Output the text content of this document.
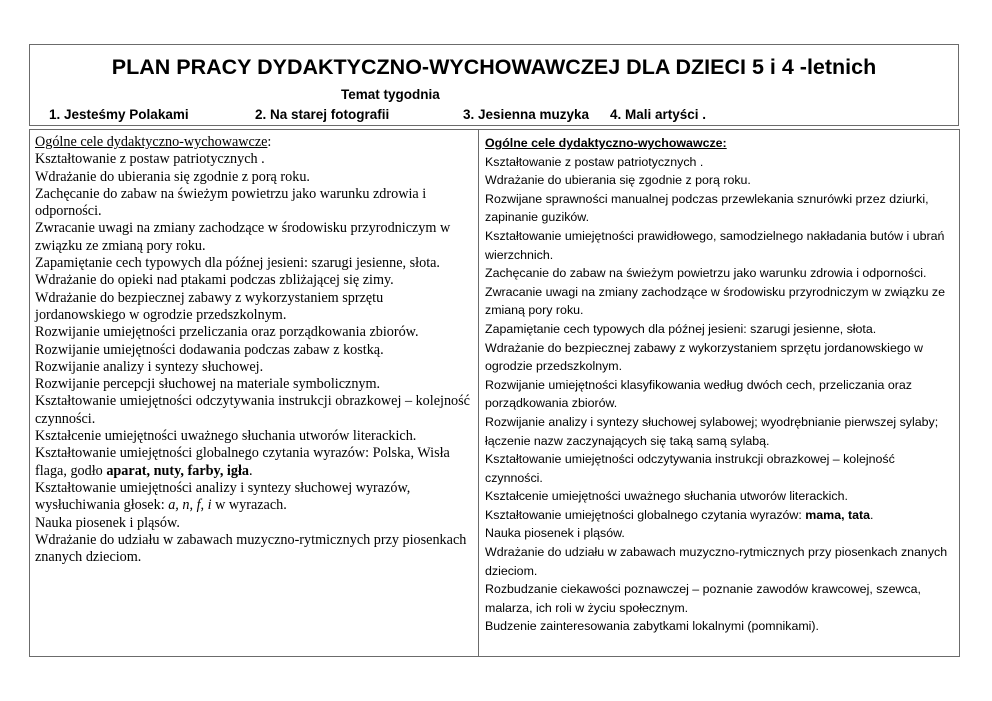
PLAN PRACY DYDAKTYCZNO-WYCHOWAWCZEJ DLA DZIECI 5 i 4 -letnich
Temat tygodnia
1. Jesteśmy Polakami	2. Na starej fotografii	3. Jesienna muzyka 4. Mali artyści .
Ogólne cele dydaktyczno-wychowawcze:
Kształtowanie z postaw patriotycznych .
Wdrażanie do ubierania się zgodnie z porą roku.
Zachęcanie do zabaw na świeżym powietrzu jako warunku zdrowia i odporności.
Zwracanie uwagi na zmiany zachodzące w środowisku przyrodniczym w związku ze zmianą pory roku.
Zapamiętanie cech typowych dla późnej jesieni: szarugi jesienne, słota.
Wdrażanie do opieki nad ptakami podczas zbliżającej się zimy.
Wdrażanie do bezpiecznej zabawy z wykorzystaniem sprzętu jordanowskiego w ogrodzie przedszkolnym.
Rozwijanie umiejętności przeliczania oraz porządkowania zbiorów.
Rozwijanie umiejętności dodawania podczas zabaw z kostką.
Rozwijanie analizy i syntezy słuchowej.
Rozwijanie percepcji słuchowej na materiale symbolicznym.
Kształtowanie umiejętności odczytywania instrukcji obrazkowej – kolejność czynności.
Kształcenie umiejętności uważnego słuchania utworów literackich.
Kształtowanie umiejętności globalnego czytania wyrazów: Polska, Wisła flaga, godło aparat, nuty, farby, igła.
Kształtowanie umiejętności analizy i syntezy słuchowej wyrazów, wysłuchiwania głosek: a, n, f, i w wyrazach.
Nauka piosenek i pląsów.
Wdrażanie do udziału w zabawach muzyczno-rytmicznych przy piosenkach znanych dzieciom.
Ogólne cele dydaktyczno-wychowawcze:
Kształtowanie z postaw patriotycznych .
Wdrażanie do ubierania się zgodnie z porą roku.
Rozwijane sprawności manualnej podczas przewlekania sznurówki przez dziurki, zapinanie guzików.
Kształtowanie umiejętności prawidłowego, samodzielnego nakładania butów i ubrań wierzchnich.
Zachęcanie do zabaw na świeżym powietrzu jako warunku zdrowia i odporności.
Zwracanie uwagi na zmiany zachodzące w środowisku przyrodniczym w związku ze zmianą pory roku.
Zapamiętanie cech typowych dla późnej jesieni: szarugi jesienne, słota.
Wdrażanie do bezpiecznej zabawy z wykorzystaniem sprzętu jordanowskiego w ogrodzie przedszkolnym.
Rozwijanie umiejętności klasyfikowania według dwóch cech, przeliczania oraz porządkowania zbiorów.
Rozwijanie analizy i syntezy słuchowej sylabowej; wyodrębnianie pierwszej sylaby; łączenie nazw zaczynających się taką samą sylabą.
Kształtowanie umiejętności odczytywania instrukcji obrazkowej – kolejność czynności.
Kształcenie umiejętności uważnego słuchania utworów literackich.
Kształtowanie umiejętności globalnego czytania wyrazów: mama, tata.
Nauka piosenek i pląsów.
Wdrażanie do udziału w zabawach muzyczno-rytmicznych przy piosenkach znanych dzieciom.
Rozbudzanie ciekawości poznawczej – poznanie zawodów krawcowej, szewca, malarza, ich roli w życiu społecznym.
Budzenie zainteresowania zabytkami lokalnymi (pomnikami).
